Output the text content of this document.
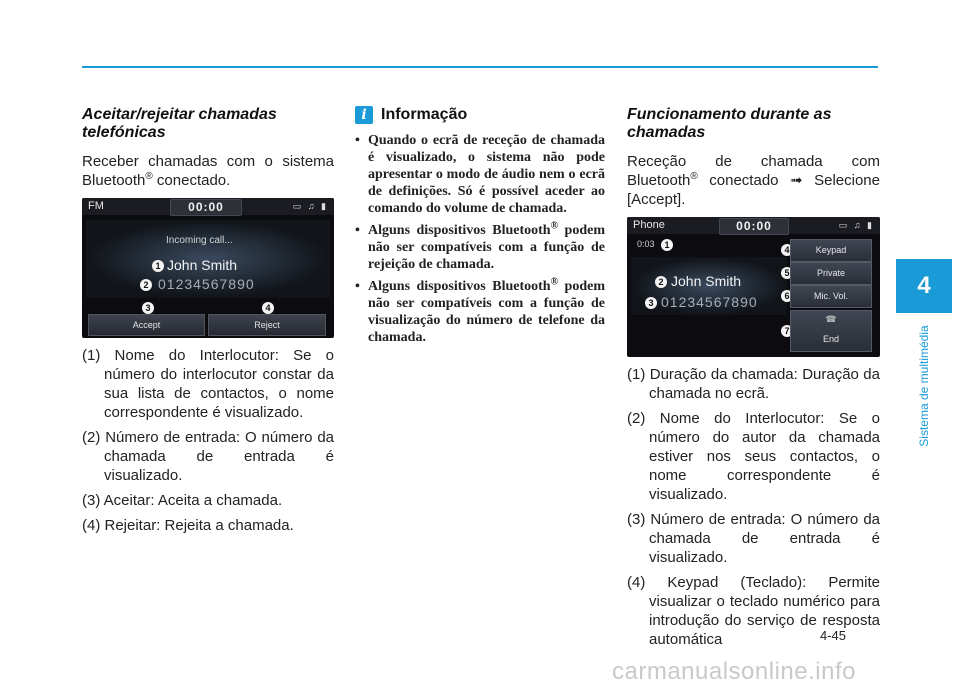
Aceitar/rejeitar chamadas telefónicas

Receber chamadas com o sistema Bluetooth® conectado.

FM	00:00	▭ ♫ ▮
Incoming call...
1 John Smith
2 01234567890
3	4
Accept	Reject
(1) Nome do Interlocutor: Se o número do interlocutor constar da sua lista de contactos, o nome correspondente é visualizado.
(2) Número de entrada: O número da chamada de entrada é visualizado.
(3) Aceitar: Aceita a chamada.
(4) Rejeitar: Rejeita a chamada.
i Informação
• Quando o ecrã de receção de chamada é visualizado, o sistema não pode apresentar o modo de áudio nem o ecrã de definições. Só é possível aceder ao comando do volume de chamada.
• Alguns dispositivos Bluetooth® podem não ser compatíveis com a função de rejeição de chamada.
• Alguns dispositivos Bluetooth® podem não ser compatíveis com a função de visualização do número de telefone da chamada.
Funcionamento durante as chamadas

Receção de chamada com Bluetooth® conectado ➟ Selecione [Accept].

Phone	00:00	▭ ♫ ▮
0:03	1
2 John Smith
3 01234567890
4	Keypad
5	Private
6	Mic. Vol.
7
☎
End
(1) Duração da chamada: Duração da chamada no ecrã.
(2) Nome do Interlocutor: Se o número do autor da chamada estiver nos seus contactos, o nome correspondente é visualizado.
(3) Número de entrada: O número da chamada de entrada é visualizado.
(4) Keypad (Teclado): Permite visualizar o teclado numérico para introdução do serviço de resposta automática
4
Sistema de multimédia
4-45
carmanualsonline.info
